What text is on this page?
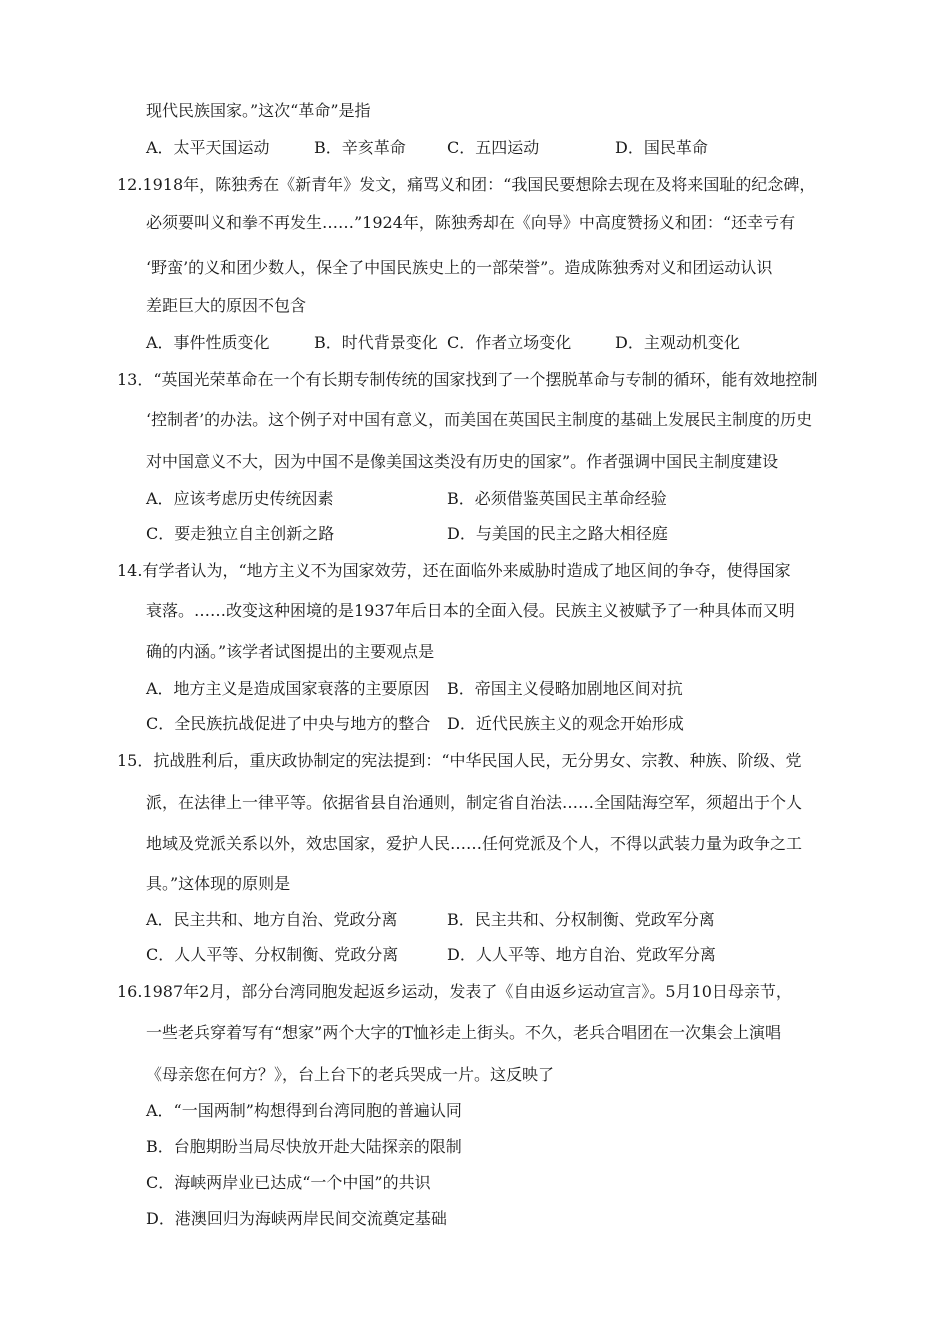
现代民族国家。”这次“革命”是指
A．太平天国运动	B．辛亥革命	C．五四运动	D．国民革命
12.1918年，陈独秀在《新青年》发文，痛骂义和团：“我国民要想除去现在及将来国耻的纪念碑，
必须要叫义和拳不再发生……”1924年，陈独秀却在《向导》中高度赞扬义和团：“还幸亏有
‘野蛮’的义和团少数人，保全了中国民族史上的一部荣誉”。造成陈独秀对义和团运动认识
差距巨大的原因不包含
A．事件性质变化	B．时代背景变化 C．作者立场变化	D．主观动机变化
13．“英国光荣革命在一个有长期专制传统的国家找到了一个摆脱革命与专制的循环，能有效地控制
‘控制者’的办法。这个例子对中国有意义，而美国在英国民主制度的基础上发展民主制度的历史
对中国意义不大，因为中国不是像美国这类没有历史的国家”。作者强调中国民主制度建设
A．应该考虑历史传统因素	B．必须借鉴英国民主革命经验
C．要走独立自主创新之路	D．与美国的民主之路大相径庭
14.有学者认为，“地方主义不为国家效劳，还在面临外来威胁时造成了地区间的争夺，使得国家
衰落。……改变这种困境的是1937年后日本的全面入侵。民族主义被赋予了一种具体而又明
确的内涵。”该学者试图提出的主要观点是
A．地方主义是造成国家衰落的主要原因 B．帝国主义侵略加剧地区间对抗
C．全民族抗战促进了中央与地方的整合 D．近代民族主义的观念开始形成
15．抗战胜利后，重庆政协制定的宪法提到：“中华民国人民，无分男女、宗教、种族、阶级、党
派，在法律上一律平等。依据省县自治通则，制定省自治法……全国陆海空军，须超出于个人
地域及党派关系以外，效忠国家，爱护人民……任何党派及个人，不得以武装力量为政争之工
具。”这体现的原则是
A．民主共和、地方自治、党政分离	B．民主共和、分权制衡、党政军分离
C．人人平等、分权制衡、党政分离	D．人人平等、地方自治、党政军分离
16.1987年2月，部分台湾同胞发起返乡运动，发表了《自由返乡运动宣言》。5月10日母亲节，
一些老兵穿着写有“想家”两个大字的T恤衫走上街头。不久，老兵合唱团在一次集会上演唱
《母亲您在何方？》，台上台下的老兵哭成一片。这反映了
A．“一国两制”构想得到台湾同胞的普遍认同
B．台胞期盼当局尽快放开赴大陆探亲的限制
C．海峡两岸业已达成“一个中国”的共识
D．港澳回归为海峡两岸民间交流奠定基础
